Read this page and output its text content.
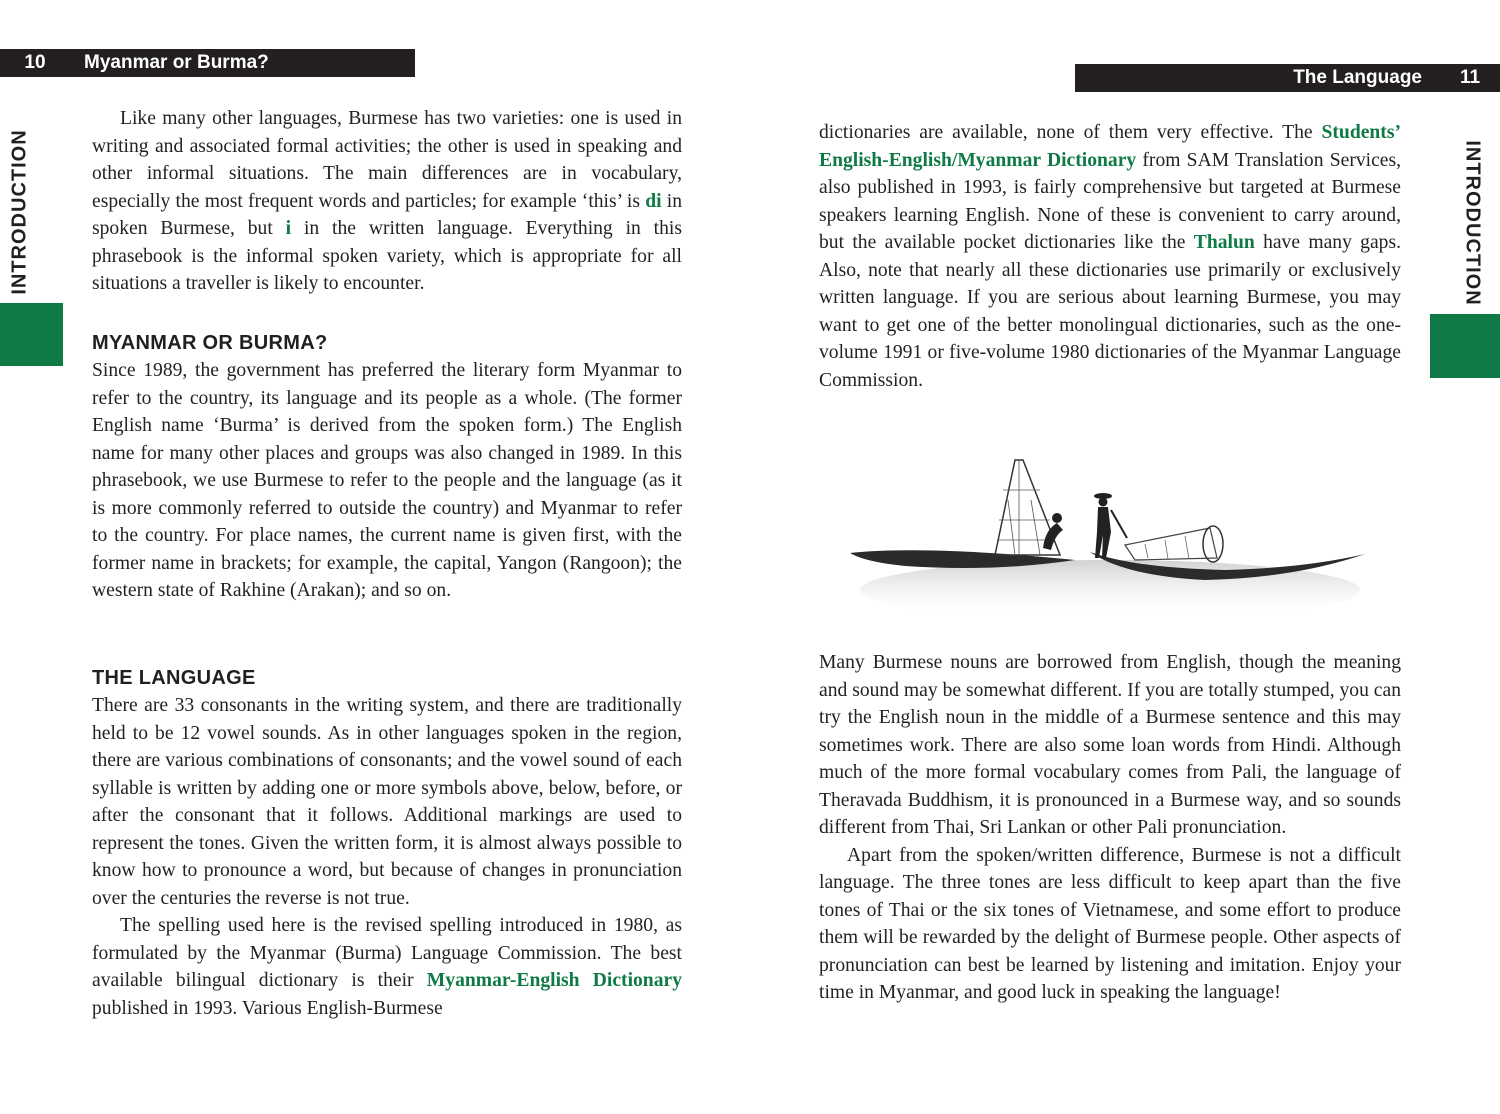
10	Myanmar or Burma?
INTRODUCTION

Like many other languages, Burmese has two varieties: one is used in writing and associated formal activities; the other is used in speaking and other informal situations. The main differences are in vocabulary, especially the most frequent words and particles; for example ‘this’ is di in spoken Burmese, but i in the written language. Everything in this phrasebook is the informal spoken variety, which is appropriate for all situations a traveller is likely to encounter.

MYANMAR OR BURMA?

Since 1989, the government has preferred the literary form Myanmar to refer to the country, its language and its people as a whole. (The former English name ‘Burma’ is derived from the spoken form.) The English name for many other places and groups was also changed in 1989. In this phrasebook, we use Burmese to refer to the people and the language (as it is more commonly referred to outside the country) and Myanmar to refer to the country. For place names, the current name is given first, with the former name in brackets; for example, the capital, Yangon (Rangoon); the western state of Rakhine (Arakan); and so on.

THE LANGUAGE

There are 33 consonants in the writing system, and there are traditionally held to be 12 vowel sounds. As in other languages spoken in the region, there are various combinations of consonants; and the vowel sound of each syllable is written by adding one or more symbols above, below, before, or after the consonant that it follows. Additional markings are used to represent the tones. Given the written form, it is almost always possible to know how to pronounce a word, but because of changes in pronunciation over the centuries the reverse is not true.

The spelling used here is the revised spelling introduced in 1980, as formulated by the Myanmar (Burma) Language Commission. The best available bilingual dictionary is their Myanmar-English Dictionary published in 1993. Various English-Burmese

The Language	11
INTRODUCTION

dictionaries are available, none of them very effective. The Students’ English-English/Myanmar Dictionary from SAM Translation Services, also published in 1993, is fairly comprehensive but targeted at Burmese speakers learning English. None of these is convenient to carry around, but the available pocket dictionaries like the Thalun have many gaps. Also, note that nearly all these dictionaries use primarily or exclusively written language. If you are serious about learning Burmese, you may want to get one of the better monolingual dictionaries, such as the one-volume 1991 or five-volume 1980 dictionaries of the Myanmar Language Commission.

Many Burmese nouns are borrowed from English, though the meaning and sound may be somewhat different. If you are totally stumped, you can try the English noun in the middle of a Burmese sentence and this may sometimes work. There are also some loan words from Hindi. Although much of the more formal vocabulary comes from Pali, the language of Theravada Buddhism, it is pronounced in a Burmese way, and so sounds different from Thai, Sri Lankan or other Pali pronunciation.

Apart from the spoken/written difference, Burmese is not a difficult language. The three tones are less difficult to keep apart than the five tones of Thai or the six tones of Vietnamese, and some effort to produce them will be rewarded by the delight of Burmese people. Other aspects of pronunciation can best be learned by listening and imitation. Enjoy your time in Myanmar, and good luck in speaking the language!
